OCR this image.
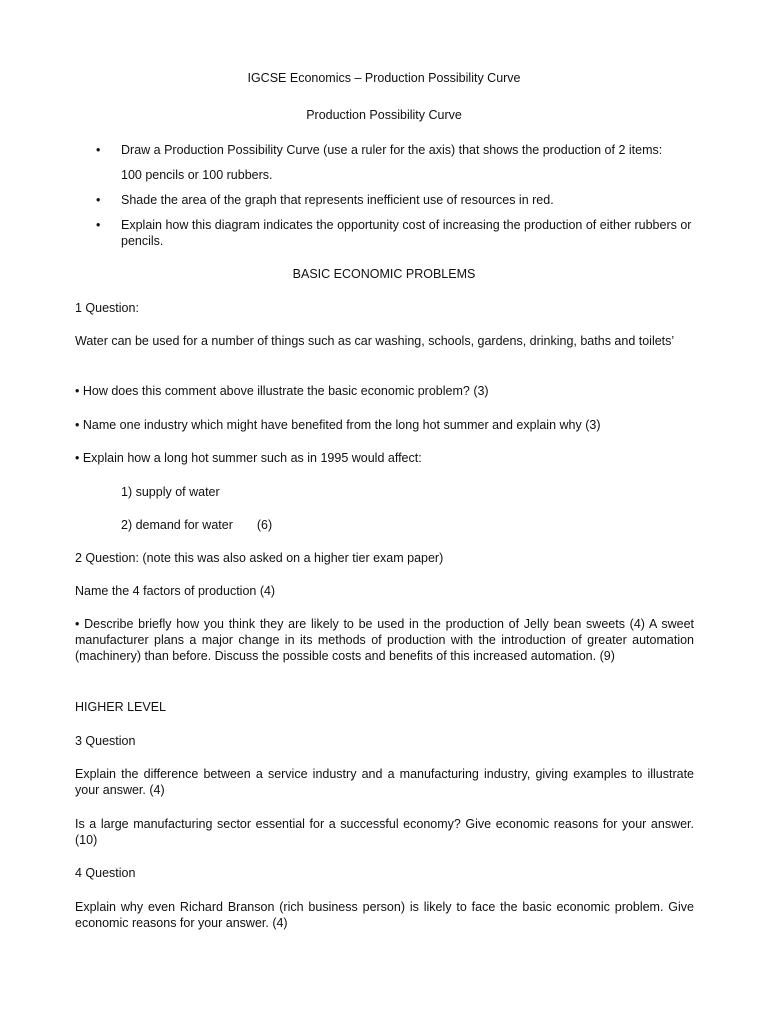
IGCSE Economics – Production Possibility Curve
Production Possibility Curve
• Draw a Production Possibility Curve (use a ruler for the axis) that shows the production of 2 items:
100 pencils or 100 rubbers.
• Shade the area of the graph that represents inefficient use of resources in red.
• Explain how this diagram indicates the opportunity cost of increasing the production of either rubbers or pencils.
BASIC ECONOMIC PROBLEMS
1 Question:
Water can be used for a number of things such as car washing, schools, gardens, drinking, baths and toilets’
• How does this comment above illustrate the basic economic problem? (3)
• Name one industry which might have benefited from the long hot summer and explain why (3)
• Explain how a long hot summer such as in 1995 would affect:
1) supply of water
2) demand for water (6)
2 Question: (note this was also asked on a higher tier exam paper)
Name the 4 factors of production (4)
• Describe briefly how you think they are likely to be used in the production of Jelly bean sweets (4) A sweet manufacturer plans a major change in its methods of production with the introduction of greater automation (machinery) than before. Discuss the possible costs and benefits of this increased automation. (9)
HIGHER LEVEL
3 Question
Explain the difference between a service industry and a manufacturing industry, giving examples to illustrate your answer. (4)
Is a large manufacturing sector essential for a successful economy? Give economic reasons for your answer. (10)
4 Question
Explain why even Richard Branson (rich business person) is likely to face the basic economic problem. Give economic reasons for your answer. (4)
